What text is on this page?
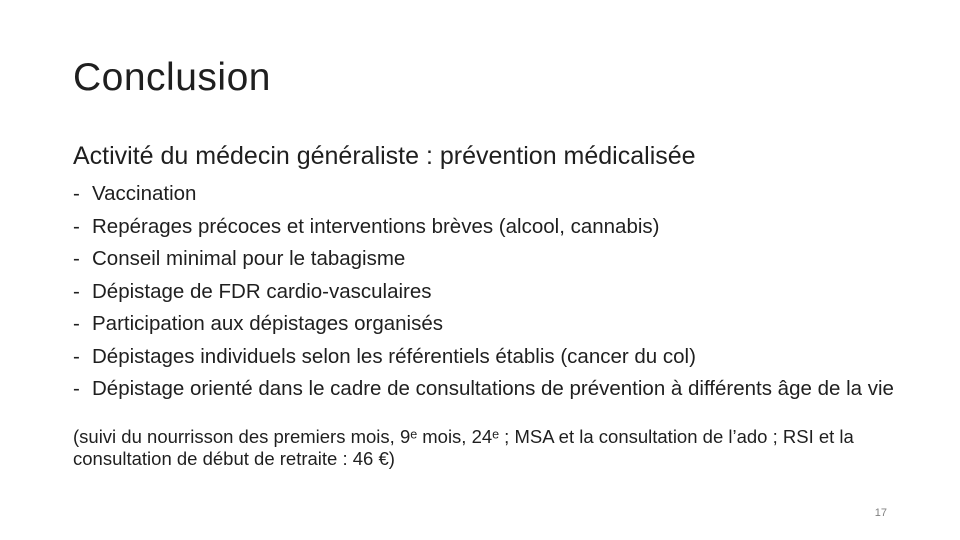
Conclusion

Activité du médecin généraliste : prévention médicalisée

- Vaccination
- Repérages précoces et interventions brèves (alcool, cannabis)
- Conseil minimal pour le tabagisme
- Dépistage de FDR cardio-vasculaires
- Participation aux dépistages organisés
- Dépistages individuels selon les référentiels établis (cancer du col)
- Dépistage orienté dans le cadre de consultations de prévention à différents âge de la vie

(suivi du nourrisson des premiers mois, 9ᵉ mois, 24ᵉ ; MSA et la consultation de l’ado ; RSI et la consultation de début de retraite : 46 €)

17
